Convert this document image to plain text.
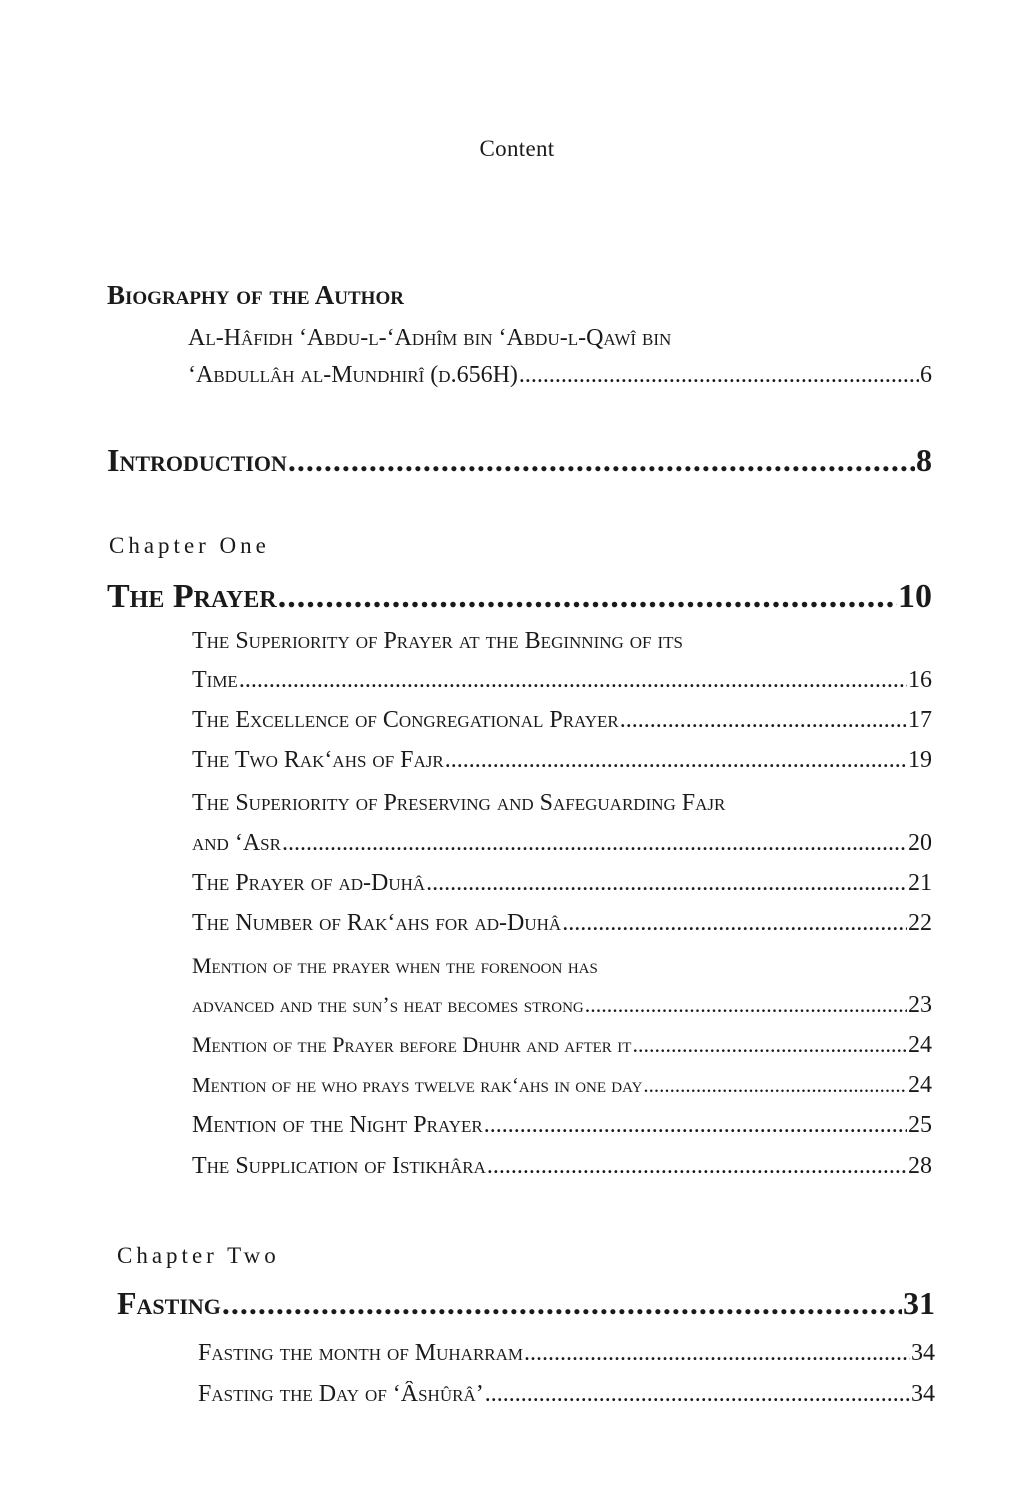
Content
Biography of the Author
Al-Hâfidh ‘Abdu-l-‘Adhîm bin ‘Abdu-l-Qawî bin
‘Abdullâh al-Mundhirî (d.656H) .....	6
Introduction .....	8
Chapter One
The Prayer .....	10
The Superiority of Prayer at the Beginning of its
Time .....	16
The Excellence of Congregational Prayer .....	17
The Two Rak‘ahs of Fajr .....	19
The Superiority of Preserving and Safeguarding Fajr
and ‘Asr .....	20
The Prayer of ad-Duhâ .....	21
The Number of Rak‘ahs for ad-Duhâ .....	22
Mention of the prayer when the forenoon has
advanced and the sun’s heat becomes strong .....	23
Mention of the Prayer before Dhuhr and after it .....	24
Mention of he who prays twelve rak‘ahs in one day .....	24
Mention of the Night Prayer .....	25
The Supplication of Istikhâra .....	28
Chapter Two
Fasting .....	31
Fasting the month of Muharram .....	34
Fasting the Day of ‘Âshûrâ’ .....	34
